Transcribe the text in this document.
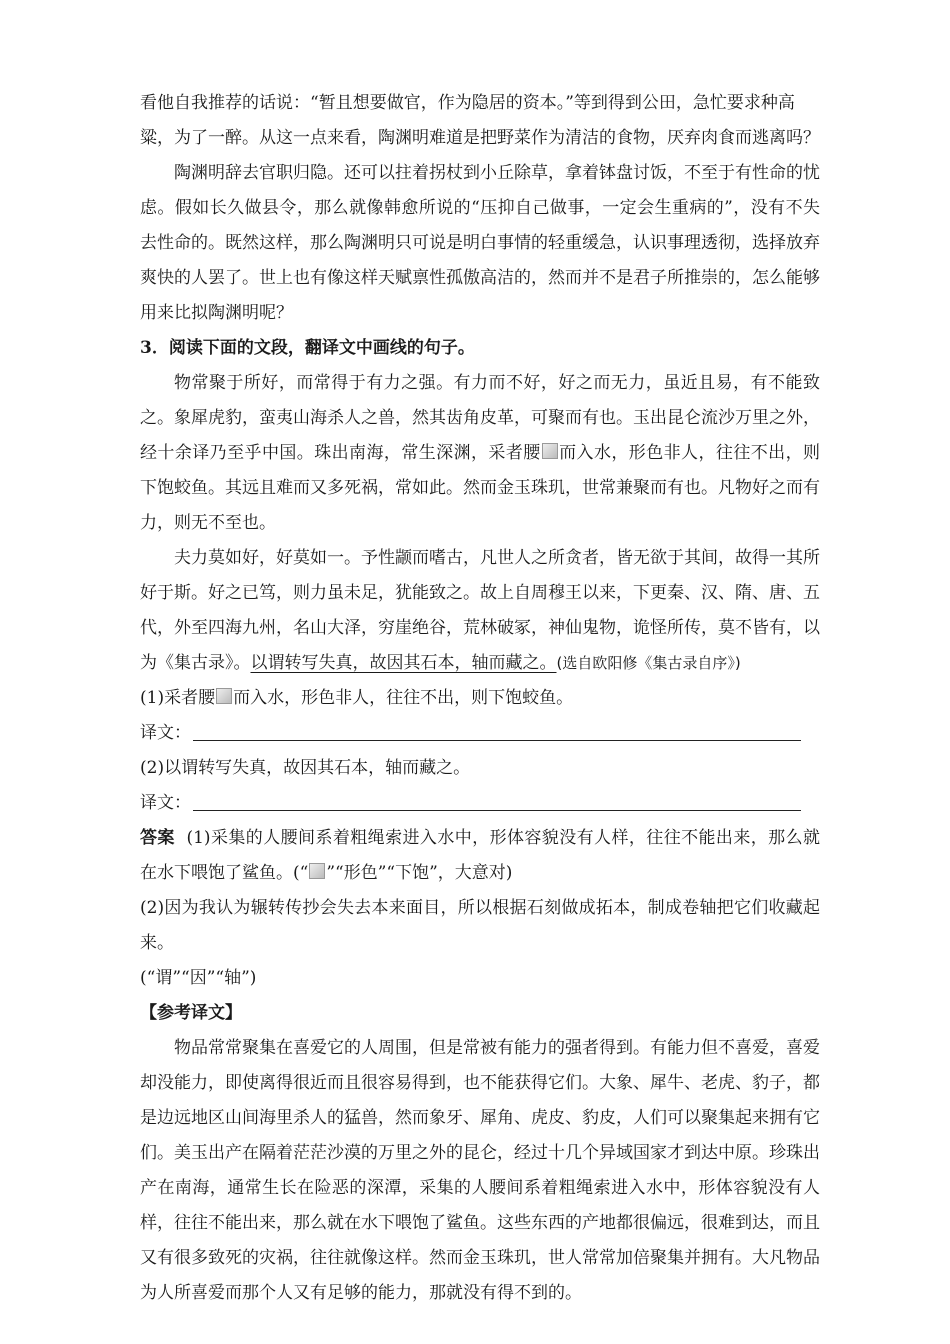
看他自我推荐的话说：“暂且想要做官，作为隐居的资本。”等到得到公田，急忙要求种高

粱，为了一醉。从这一点来看，陶渊明难道是把野菜作为清洁的食物，厌弃肉食而逃离吗？

陶渊明辞去官职归隐。还可以拄着拐杖到小丘除草，拿着钵盘讨饭，不至于有性命的忧虑。假如长久做县令，那么就像韩愈所说的“压抑自己做事，一定会生重病的”，没有不失去性命的。既然这样，那么陶渊明只可说是明白事情的轻重缓急，认识事理透彻，选择放弃爽快的人罢了。世上也有像这样天赋禀性孤傲高洁的，然而并不是君子所推崇的，怎么能够用来比拟陶渊明呢？

3．阅读下面的文段，翻译文中画线的句子。

物常聚于所好，而常得于有力之强。有力而不好，好之而无力，虽近且易，有不能致之。象犀虎豹，蛮夷山海杀人之兽，然其齿角皮革，可聚而有也。玉出昆仑流沙万里之外，经十余译乃至乎中国。珠出南海，常生深渊，采者腰 而入水，形色非人，往往不出，则下饱蛟鱼。其远且难而又多死祸，常如此。然而金玉珠玑，世常兼聚而有也。凡物好之而有力，则无不至也。

夫力莫如好，好莫如一。予性颛而嗜古，凡世人之所贪者，皆无欲于其间，故得一其所好于斯。好之已笃，则力虽未足，犹能致之。故上自周穆王以来，下更秦、汉、隋、唐、五代，外至四海九州，名山大泽，穷崖绝谷，荒林破冢，神仙鬼物，诡怪所传，莫不皆有，以为《集古录》。以谓转写失真，故因其石本，轴而藏之。(选自欧阳修《集古录自序》)

(1)采者腰 而入水，形色非人，往往不出，则下饱蛟鱼。

译文：

(2)以谓转写失真，故因其石本，轴而藏之。

译文：

答案 (1)采集的人腰间系着粗绳索进入水中，形体容貌没有人样，往往不能出来，那么就在水下喂饱了鲨鱼。(“ ”“形色”“下饱”，大意对)

(2)因为我认为辗转传抄会失去本来面目，所以根据石刻做成拓本，制成卷轴把它们收藏起来。

(“谓”“因”“轴”)

【参考译文】

物品常常聚集在喜爱它的人周围，但是常被有能力的强者得到。有能力但不喜爱，喜爱却没能力，即使离得很近而且很容易得到，也不能获得它们。大象、犀牛、老虎、豹子，都是边远地区山间海里杀人的猛兽，然而象牙、犀角、虎皮、豹皮，人们可以聚集起来拥有它们。美玉出产在隔着茫茫沙漠的万里之外的昆仑，经过十几个异域国家才到达中原。珍珠出产在南海，通常生长在险恶的深潭，采集的人腰间系着粗绳索进入水中，形体容貌没有人样，往往不能出来，那么就在水下喂饱了鲨鱼。这些东西的产地都很偏远，很难到达，而且又有很多致死的灾祸，往往就像这样。然而金玉珠玑，世人常常加倍聚集并拥有。大凡物品为人所喜爱而那个人又有足够的能力，那就没有得不到的。
